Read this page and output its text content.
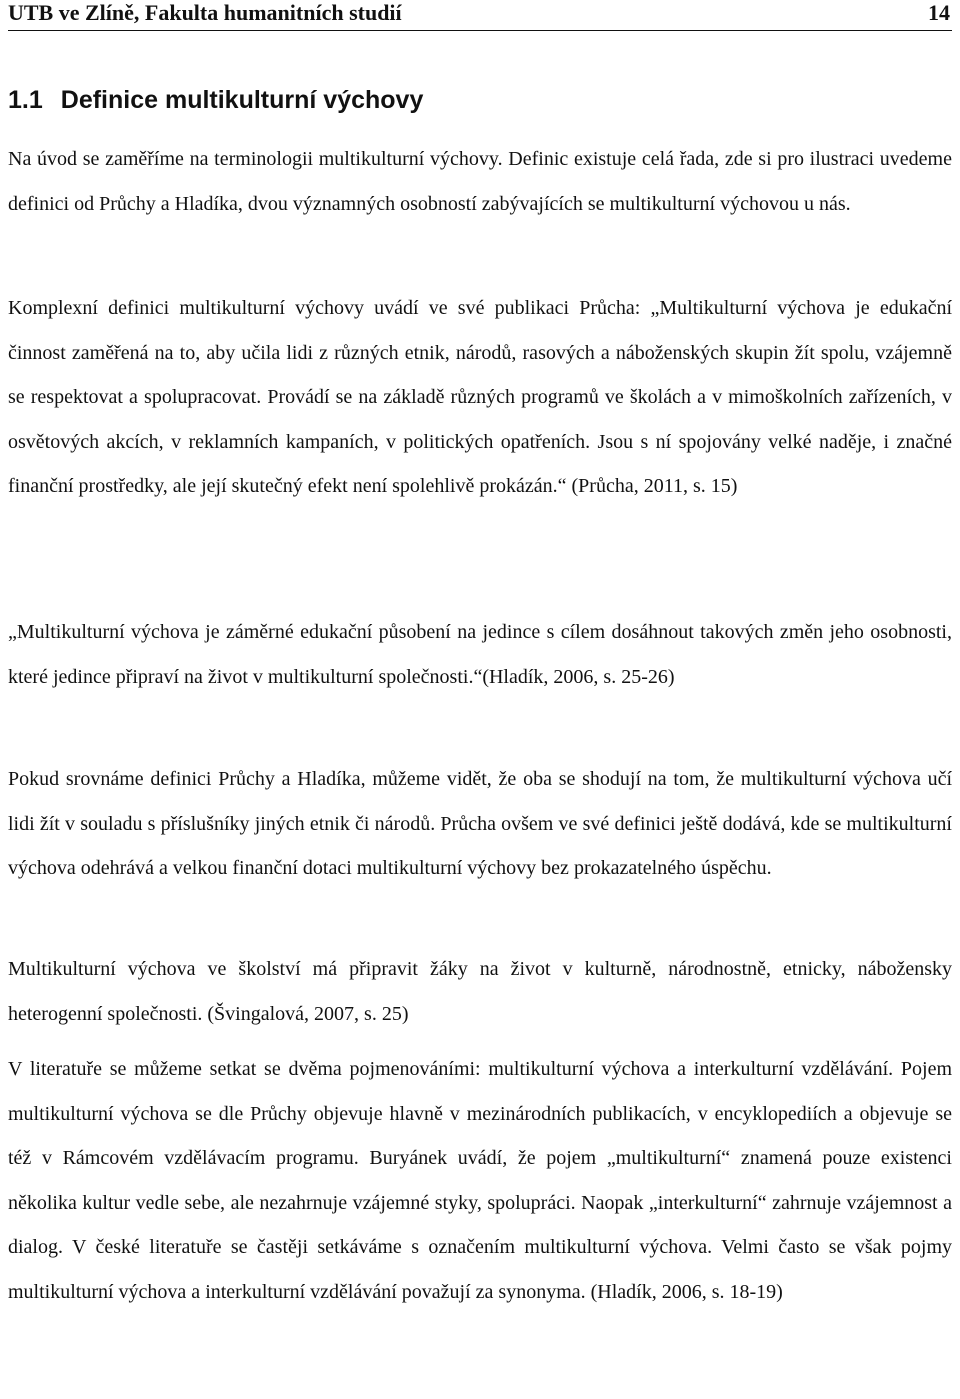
UTB ve Zlíně, Fakulta humanitních studií	14
1.1 Definice multikulturní výchovy

Na úvod se zaměříme na terminologii multikulturní výchovy. Definic existuje celá řada, zde si pro ilustraci uvedeme definici od Průchy a Hladíka, dvou významných osobností zabývajících se multikulturní výchovou u nás.

Komplexní definici multikulturní výchovy uvádí ve své publikaci Průcha: „Multikulturní výchova je edukační činnost zaměřená na to, aby učila lidi z různých etnik, národů, rasových a náboženských skupin žít spolu, vzájemně se respektovat a spolupracovat. Provádí se na základě různých programů ve školách a v mimoškolních zařízeních, v osvětových akcích, v reklamních kampaních, v politických opatřeních. Jsou s ní spojovány velké naděje, i značné finanční prostředky, ale její skutečný efekt není spolehlivě prokázán.“ (Průcha, 2011, s. 15)

„Multikulturní výchova je záměrné edukační působení na jedince s cílem dosáhnout takových změn jeho osobnosti, které jedince připraví na život v multikulturní společnosti.“(Hladík, 2006, s. 25-26)

Pokud srovnáme definici Průchy a Hladíka, můžeme vidět, že oba se shodují na tom, že multikulturní výchova učí lidi žít v souladu s příslušníky jiných etnik či národů. Průcha ovšem ve své definici ještě dodává, kde se multikulturní výchova odehrává a velkou finanční dotaci multikulturní výchovy bez prokazatelného úspěchu.

Multikulturní výchova ve školství má připravit žáky na život v kulturně, národnostně, etnicky, nábožensky heterogenní společnosti. (Švingalová, 2007, s. 25)

V literatuře se můžeme setkat se dvěma pojmenováními: multikulturní výchova a interkulturní vzdělávání. Pojem multikulturní výchova se dle Průchy objevuje hlavně v mezinárodních publikacích, v encyklopediích a objevuje se též v Rámcovém vzdělávacím programu. Buryánek uvádí, že pojem „multikulturní“ znamená pouze existenci několika kultur vedle sebe, ale nezahrnuje vzájemné styky, spolupráci. Naopak „interkulturní“ zahrnuje vzájemnost a dialog. V české literatuře se častěji setkáváme s označením multikulturní výchova. Velmi často se však pojmy multikulturní výchova a interkulturní vzdělávání považují za synonyma. (Hladík, 2006, s. 18-19)
